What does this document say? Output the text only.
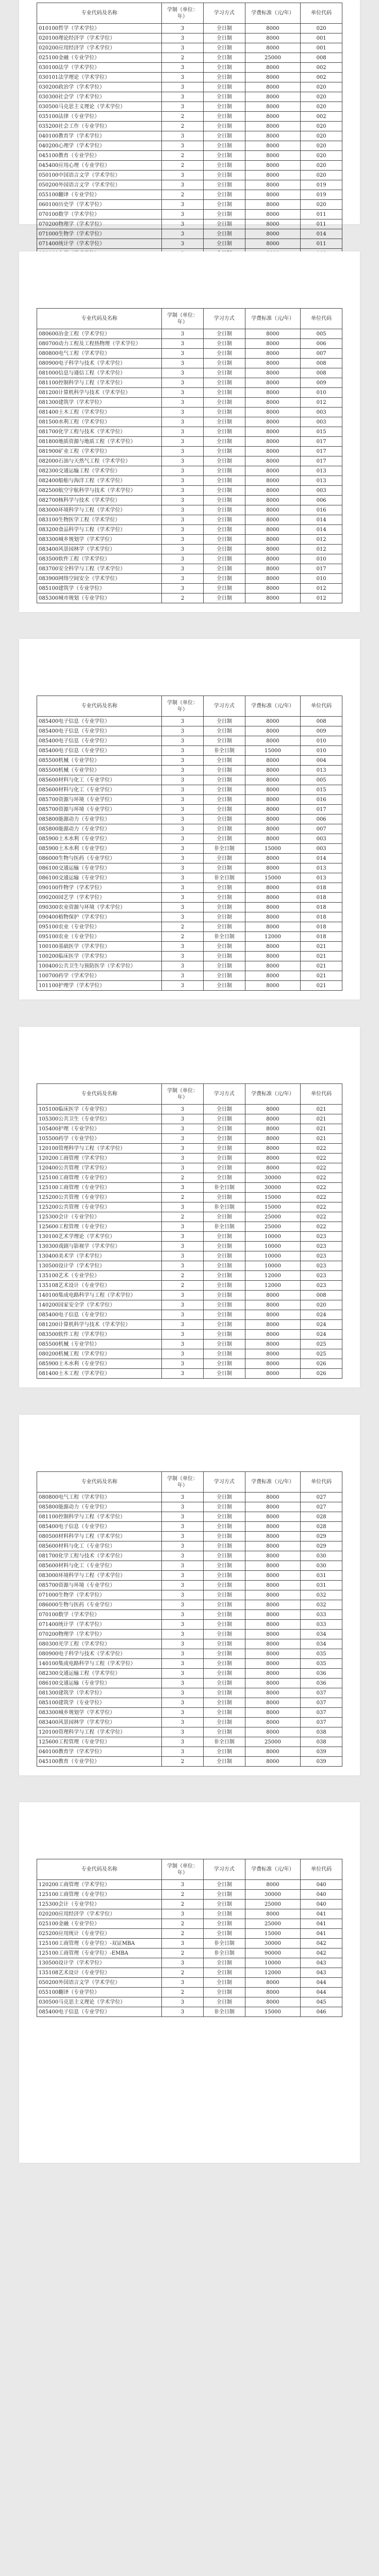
专业代码及名称	学制（单位：年）	学习方式	学费标准（元/年）	单位代码
010100哲学（学术学位）	3	全日制	8000	020
020100理论经济学（学术学位）	3	全日制	8000	001
020200应用经济学（学术学位）	3	全日制	8000	001
025100金融（专业学位）	2	全日制	25000	008
030100法学（学术学位）	3	全日制	8000	002
030101法学理论（学术学位）	3	全日制	8000	002
030200政治学（学术学位）	3	全日制	8000	020
030300社会学（学术学位）	3	全日制	8000	020
030500马克思主义理论（学术学位）	3	全日制	8000	020
035100法律（专业学位）	2	全日制	8000	002
035200社会工作（专业学位）	2	全日制	8000	020
040100教育学（学术学位）	3	全日制	8000	020
040200心理学（学术学位）	3	全日制	8000	020
045100教育（专业学位）	2	全日制	8000	020
045400应用心理（专业学位）	2	全日制	8000	020
050100中国语言文学（学术学位）	3	全日制	8000	020
050200外国语言文学（学术学位）	3	全日制	8000	019
055100翻译（专业学位）	2	全日制	8000	019
060100历史学（学术学位）	3	全日制	8000	020
070100数学（学术学位）	3	全日制	8000	011
070200物理学（学术学位）	3	全日制	8000	011
071000生物学（学术学位）	3	全日制	8000	014
071400统计学（学术学位）	3	全日制	8000	011

专业代码及名称	学制（单位：年）	学习方式	学费标准（元/年）	单位代码
080600冶金工程（学术学位）	3	全日制	8000	005
080700动力工程及工程热物理（学术学位）	3	全日制	8000	006
080800电气工程（学术学位）	3	全日制	8000	007
080900电子科学与技术（学术学位）	3	全日制	8000	008
081000信息与通信工程（学术学位）	3	全日制	8000	008
081100控制科学与工程（学术学位）	3	全日制	8000	009
081200计算机科学与技术（学术学位）	3	全日制	8000	010
081300建筑学（学术学位）	3	全日制	8000	012
081400土木工程（学术学位）	3	全日制	8000	003
081500水利工程（学术学位）	3	全日制	8000	003
081700化学工程与技术（学术学位）	3	全日制	8000	015
081800地质资源与地质工程（学术学位）	3	全日制	8000	017
081900矿业工程（学术学位）	3	全日制	8000	017
082000石油与天然气工程（学术学位）	3	全日制	8000	017
082300交通运输工程（学术学位）	3	全日制	8000	013
082400船舶与海洋工程（学术学位）	3	全日制	8000	013
082500航空宇航科学与技术（学术学位）	3	全日制	8000	003
082700核科学与技术（学术学位）	3	全日制	8000	006
083000环境科学与工程（学术学位）	3	全日制	8000	016
083100生物医学工程（学术学位）	3	全日制	8000	014
083200食品科学与工程（学术学位）	3	全日制	8000	014
083300城乡规划学（学术学位）	3	全日制	8000	012
083400风景园林学（学术学位）	3	全日制	8000	012
083500软件工程（学术学位）	3	全日制	8000	010
083700安全科学与工程（学术学位）	3	全日制	8000	017
083900网络空间安全（学术学位）	3	全日制	8000	010
085100建筑学（专业学位）	3	全日制	8000	012
085300城市规划（专业学位）	2	全日制	8000	012
专业代码及名称	学制（单位：年）	学习方式	学费标准（元/年）	单位代码
085400电子信息（专业学位）	3	全日制	8000	008
085400电子信息（专业学位）	3	全日制	8000	009
085400电子信息（专业学位）	3	全日制	8000	010
085400电子信息（专业学位）	3	非全日制	15000	010
085500机械（专业学位）	3	全日制	8000	004
085500机械（专业学位）	3	全日制	8000	013
085600材料与化工（专业学位）	3	全日制	8000	005
085600材料与化工（专业学位）	3	全日制	8000	015
085700资源与环境（专业学位）	3	全日制	8000	016
085700资源与环境（专业学位）	3	全日制	8000	017
085800能源动力（专业学位）	3	全日制	8000	006
085800能源动力（专业学位）	3	全日制	8000	007
085900土木水利（专业学位）	3	全日制	8000	003
085900土木水利（专业学位）	3	非全日制	15000	003
086000生物与医药（专业学位）	3	全日制	8000	014
086100交通运输（专业学位）	3	全日制	8000	013
086100交通运输（专业学位）	3	非全日制	15000	013
090100作物学（学术学位）	3	全日制	8000	018
090200园艺学（学术学位）	3	全日制	8000	018
090300农业资源与环境（学术学位）	3	全日制	8000	018
090400植物保护（学术学位）	3	全日制	8000	018
095100农业（专业学位）	2	全日制	8000	018
095100农业（专业学位）	2	非全日制	12000	018
100100基础医学（学术学位）	3	全日制	8000	021
100200临床医学（学术学位）	3	全日制	8000	021
100400公共卫生与预防医学（学术学位）	3	全日制	8000	021
100700药学（学术学位）	3	全日制	8000	021
101100护理学（学术学位）	3	全日制	8000	021
专业代码及名称	学制（单位：年）	学习方式	学费标准（元/年）	单位代码
105100临床医学（专业学位）	3	全日制	8000	021
105300公共卫生（专业学位）	3	全日制	8000	021
105400护理（专业学位）	3	全日制	8000	021
105500药学（专业学位）	3	全日制	8000	021
120100管理科学与工程（学术学位）	3	全日制	8000	022
120200工商管理（学术学位）	3	全日制	8000	022
120400公共管理（学术学位）	3	全日制	8000	022
125100工商管理（专业学位）	2	全日制	30000	022
125100工商管理（专业学位）	3	非全日制	30000	022
125200公共管理（专业学位）	2	全日制	15000	022
125200公共管理（专业学位）	3	非全日制	15000	022
125300会计（专业学位）	2	全日制	25000	022
125600工程管理（专业学位）	3	非全日制	25000	022
130100艺术学理论（学术学位）	3	全日制	10000	023
130300戏剧与影视学（学术学位）	3	全日制	10000	023
130400美术学（学术学位）	3	全日制	10000	023
130500设计学（学术学位）	3	全日制	10000	023
135100艺术（专业学位）	2	全日制	12000	023
135108艺术设计（专业学位）	2	全日制	12000	023
140100集成电路科学与工程（学术学位）	3	全日制	8000	008
140200国家安全学（学术学位）	3	全日制	8000	020
085400电子信息（专业学位）	3	全日制	8000	024
081200计算机科学与技术（学术学位）	3	全日制	8000	024
083500软件工程（学术学位）	3	全日制	8000	024
085500机械（专业学位）	3	全日制	8000	025
080200机械工程（学术学位）	3	全日制	8000	025
085900土木水利（专业学位）	3	全日制	8000	026
081400土木工程（学术学位）	3	全日制	8000	026
专业代码及名称	学制（单位：年）	学习方式	学费标准（元/年）	单位代码
080800电气工程（学术学位）	3	全日制	8000	027
085800能源动力（专业学位）	3	全日制	8000	027
081100控制科学与工程（学术学位）	3	全日制	8000	028
085400电子信息（专业学位）	3	全日制	8000	028
080500材料科学与工程（学术学位）	3	全日制	8000	029
085600材料与化工（专业学位）	3	全日制	8000	029
081700化学工程与技术（学术学位）	3	全日制	8000	030
085600材料与化工（专业学位）	3	全日制	8000	030
083000环境科学与工程（学术学位）	3	全日制	8000	031
085700资源与环境（专业学位）	3	全日制	8000	031
071000生物学（学术学位）	3	全日制	8000	032
086000生物与医药（专业学位）	3	全日制	8000	032
070100数学（学术学位）	3	全日制	8000	033
071400统计学（学术学位）	3	全日制	8000	033
070200物理学（学术学位）	3	全日制	8000	034
080300光学工程（学术学位）	3	全日制	8000	034
080900电子科学与技术（学术学位）	3	全日制	8000	035
140100集成电路科学与工程（学术学位）	3	全日制	8000	035
082300交通运输工程（学术学位）	3	全日制	8000	036
086100交通运输（专业学位）	3	全日制	8000	036
081300建筑学（学术学位）	3	全日制	8000	037
085100建筑学（专业学位）	3	全日制	8000	037
083300城乡规划学（学术学位）	3	全日制	8000	037
083400风景园林学（学术学位）	3	全日制	8000	037
120100管理科学与工程（学术学位）	3	全日制	8000	038
125600工程管理（专业学位）	3	非全日制	25000	038
040100教育学（学术学位）	3	全日制	8000	039
045100教育（专业学位）	2	全日制	8000	039
专业代码及名称	学制（单位：年）	学习方式	学费标准（元/年）	单位代码
120200工商管理（学术学位）	3	全日制	8000	040
125100工商管理（专业学位）	2	全日制	30000	040
125300会计（专业学位）	2	全日制	25000	040
020200应用经济学（学术学位）	3	全日制	8000	041
025100金融（专业学位）	2	全日制	25000	041
025200应用统计（专业学位）	2	全日制	15000	041
125100工商管理（专业学位）-双证MBA	3	非全日制	30000	042
125100工商管理（专业学位）-EMBA	2	非全日制	90000	042
130500设计学（学术学位）	3	全日制	10000	043
135108艺术设计（专业学位）	2	全日制	12000	043
050200外国语言文学（学术学位）	3	全日制	8000	044
055100翻译（专业学位）	2	全日制	8000	044
030500马克思主义理论（学术学位）	3	全日制	8000	045
085400电子信息（专业学位）	3	非全日制	15000	046
